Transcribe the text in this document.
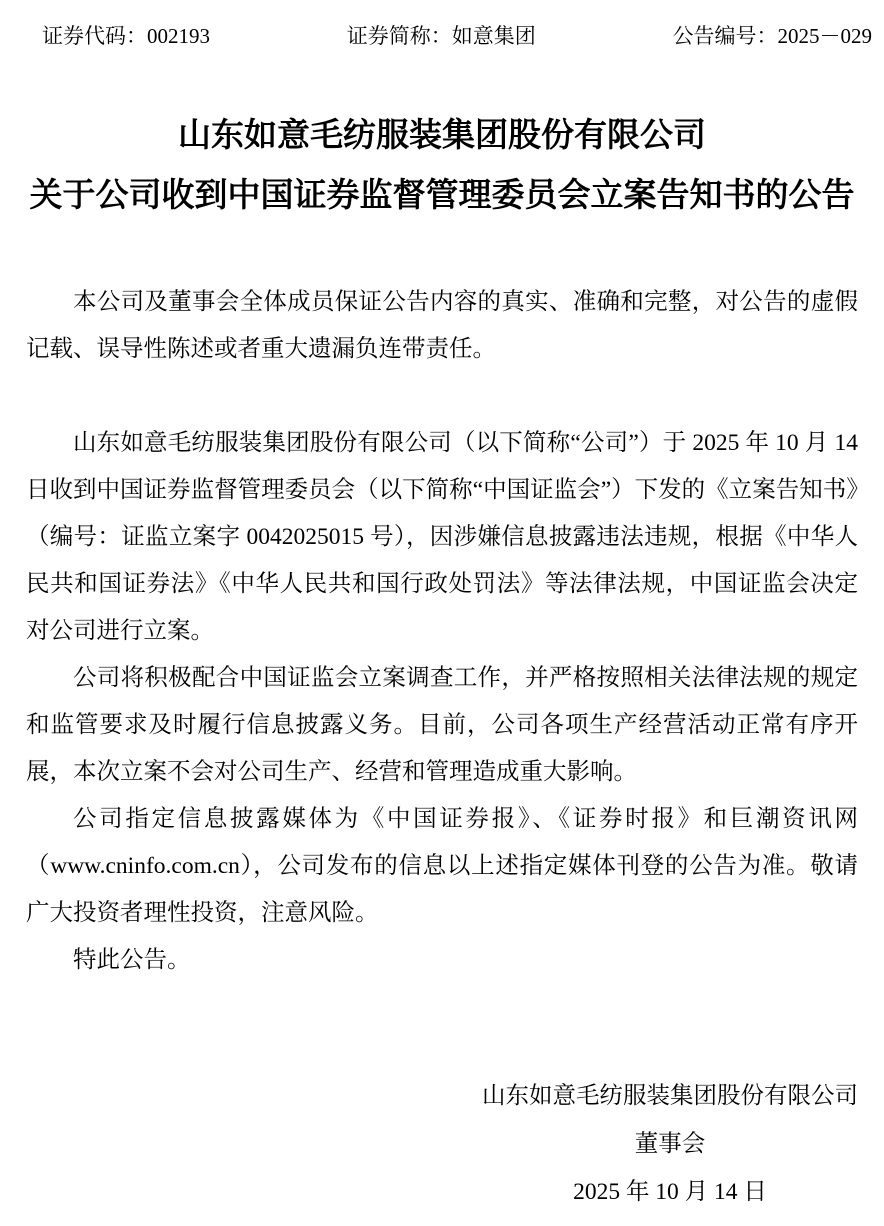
证券代码：002193	证券简称：如意集团	公告编号：2025－029
山东如意毛纺服装集团股份有限公司
关于公司收到中国证券监督管理委员会立案告知书的公告

本公司及董事会全体成员保证公告内容的真实、准确和完整，对公告的虚假记载、误导性陈述或者重大遗漏负连带责任。

山东如意毛纺服装集团股份有限公司（以下简称“公司”）于 2025 年 10 月 14 日收到中国证券监督管理委员会（以下简称“中国证监会”）下发的《立案告知书》（编号：证监立案字 0042025015 号），因涉嫌信息披露违法违规，根据《中华人民共和国证券法》《中华人民共和国行政处罚法》等法律法规，中国证监会决定对公司进行立案。

公司将积极配合中国证监会立案调查工作，并严格按照相关法律法规的规定和监管要求及时履行信息披露义务。目前，公司各项生产经营活动正常有序开展，本次立案不会对公司生产、经营和管理造成重大影响。

公司指定信息披露媒体为《中国证券报》、《证券时报》和巨潮资讯网（www.cninfo.com.cn），公司发布的信息以上述指定媒体刊登的公告为准。敬请广大投资者理性投资，注意风险。

特此公告。

山东如意毛纺服装集团股份有限公司
董事会
2025 年 10 月 14 日
